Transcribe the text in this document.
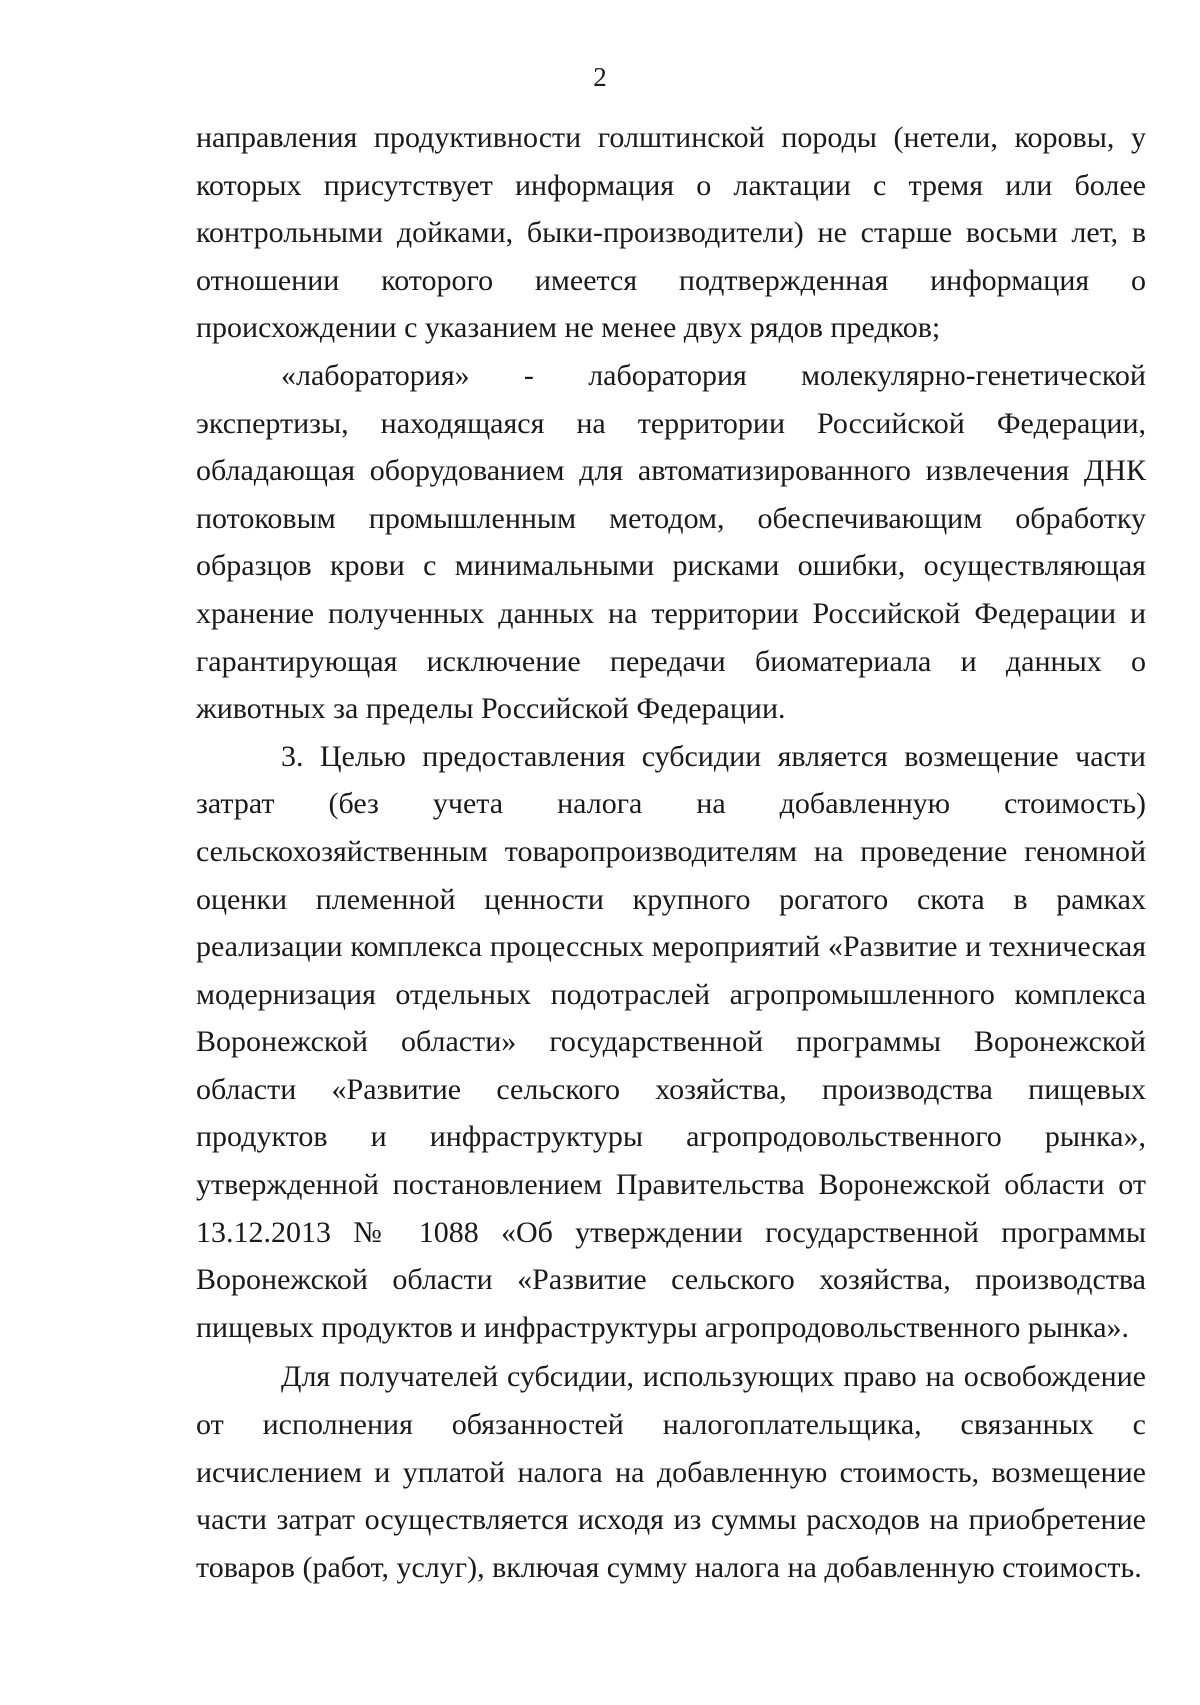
2

направления продуктивности голштинской породы (нетели, коровы, у которых присутствует информация о лактации с тремя или более контрольными дойками, быки-производители) не старше восьми лет, в отношении которого имеется подтвержденная информация о происхождении с указанием не менее двух рядов предков;

«лаборатория» - лаборатория молекулярно-генетической экспертизы, находящаяся на территории Российской Федерации, обладающая оборудованием для автоматизированного извлечения ДНК потоковым промышленным методом, обеспечивающим обработку образцов крови с минимальными рисками ошибки, осуществляющая хранение полученных данных на территории Российской Федерации и гарантирующая исключение передачи биоматериала и данных о животных за пределы Российской Федерации.

3. Целью предоставления субсидии является возмещение части затрат (без учета налога на добавленную стоимость) сельскохозяйственным товаропроизводителям на проведение геномной оценки племенной ценности крупного рогатого скота в рамках реализации комплекса процессных мероприятий «Развитие и техническая модернизация отдельных подотраслей агропромышленного комплекса Воронежской области» государственной программы Воронежской области «Развитие сельского хозяйства, производства пищевых продуктов и инфраструктуры агропродовольственного рынка», утвержденной постановлением Правительства Воронежской области от 13.12.2013 № 1088 «Об утверждении государственной программы Воронежской области «Развитие сельского хозяйства, производства пищевых продуктов и инфраструктуры агропродовольственного рынка».

Для получателей субсидии, использующих право на освобождение от исполнения обязанностей налогоплательщика, связанных с исчислением и уплатой налога на добавленную стоимость, возмещение части затрат осуществляется исходя из суммы расходов на приобретение товаров (работ, услуг), включая сумму налога на добавленную стоимость.
